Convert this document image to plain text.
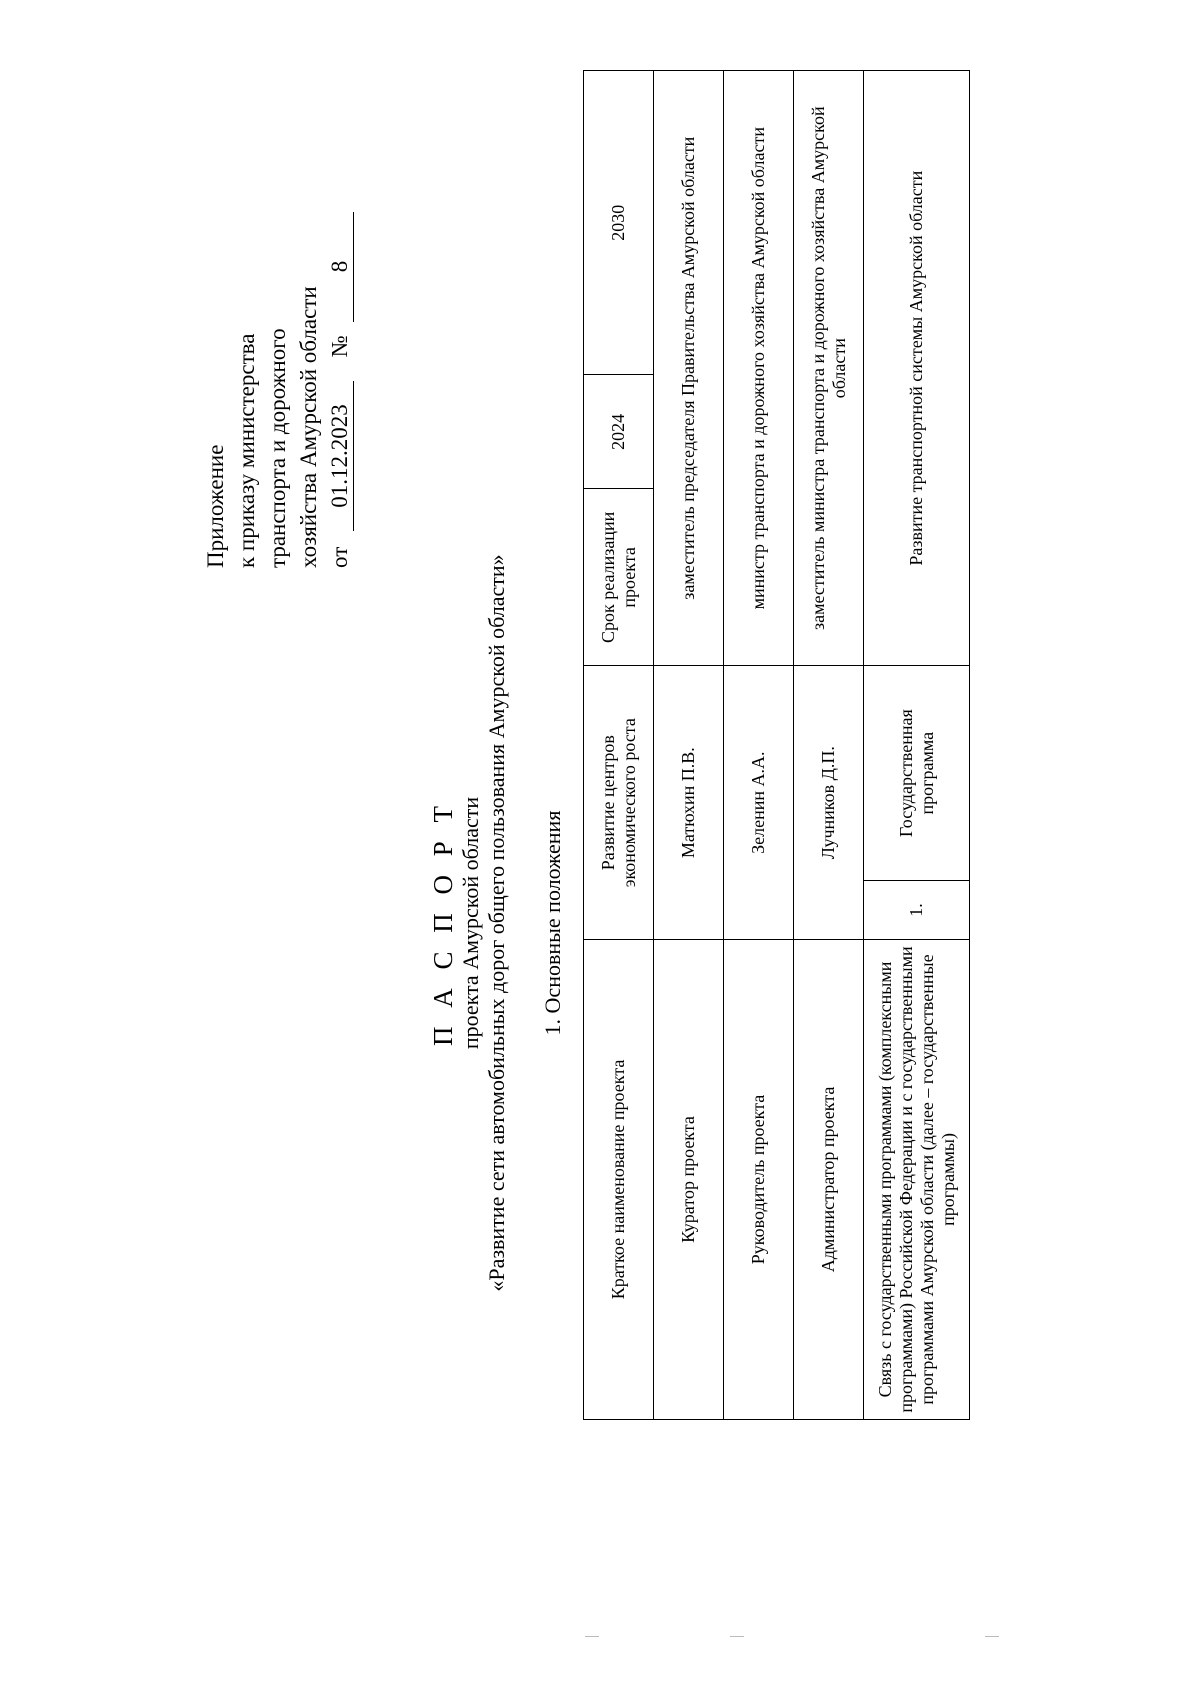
Приложение к приказу министерства транспорта и дорожного хозяйства Амурской области от 01.12.2023 № 8
П А С П О Р Т проекта Амурской области «Развитие сети автомобильных дорог общего пользования Амурской области» 1. Основные положения
Краткое наименование проекта	Развитие центров экономического роста		Срок реализации проекта	2024	2030
Куратор проекта	Матюхин П.В.		заместитель председателя Правительства Амурской области		
Руководитель проекта	Зеленин А.А.		министр транспорта и дорожного хозяйства Амурской области		
Администратор проекта	Лучников Д.П.		заместитель министра транспорта и дорожного хозяйства Амурской области		
Связь с государственными программами (комплексными программами) Российской Федерации и с государственными программами Амурской области (далее – государственные программы)	1.	Государственная программа	Развитие транспортной системы Амурской области		
